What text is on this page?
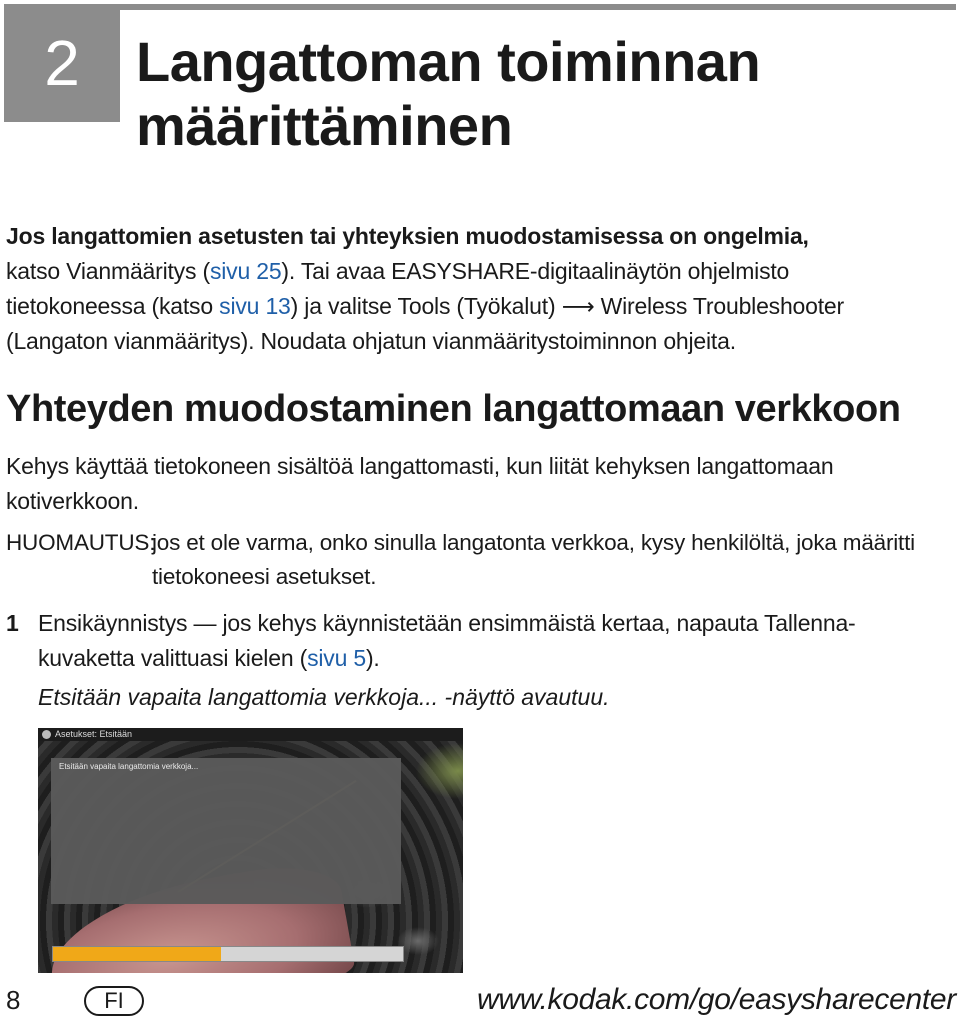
2 Langattoman toiminnan
määrittäminen

Jos langattomien asetusten tai yhteyksien muodostamisessa on ongelmia,
katso Vianmääritys (sivu 25). Tai avaa EASYSHARE-digitaalinäytön ohjelmisto
tietokoneessa (katso sivu 13) ja valitse Tools (Työkalut) ⟶ Wireless Troubleshooter
(Langaton vianmääritys). Noudata ohjatun vianmääritystoiminnon ohjeita.

Yhteyden muodostaminen langattomaan verkkoon

Kehys käyttää tietokoneen sisältöä langattomasti, kun liität kehyksen langattomaan
kotiverkkoon.

HUOMAUTUS:
jos et ole varma, onko sinulla langatonta verkkoa, kysy henkilöltä, joka määritti
tietokoneesi asetukset.
1 Ensikäynnistys — jos kehys käynnistetään ensimmäistä kertaa, napauta Tallenna-
kuvaketta valittuasi kielen (sivu 5).
Etsitään vapaita langattomia verkkoja... -näyttö avautuu.
Asetukset: Etsitään
Etsitään vapaita langattomia verkkoja...
8	FI	www.kodak.com/go/easysharecenter
